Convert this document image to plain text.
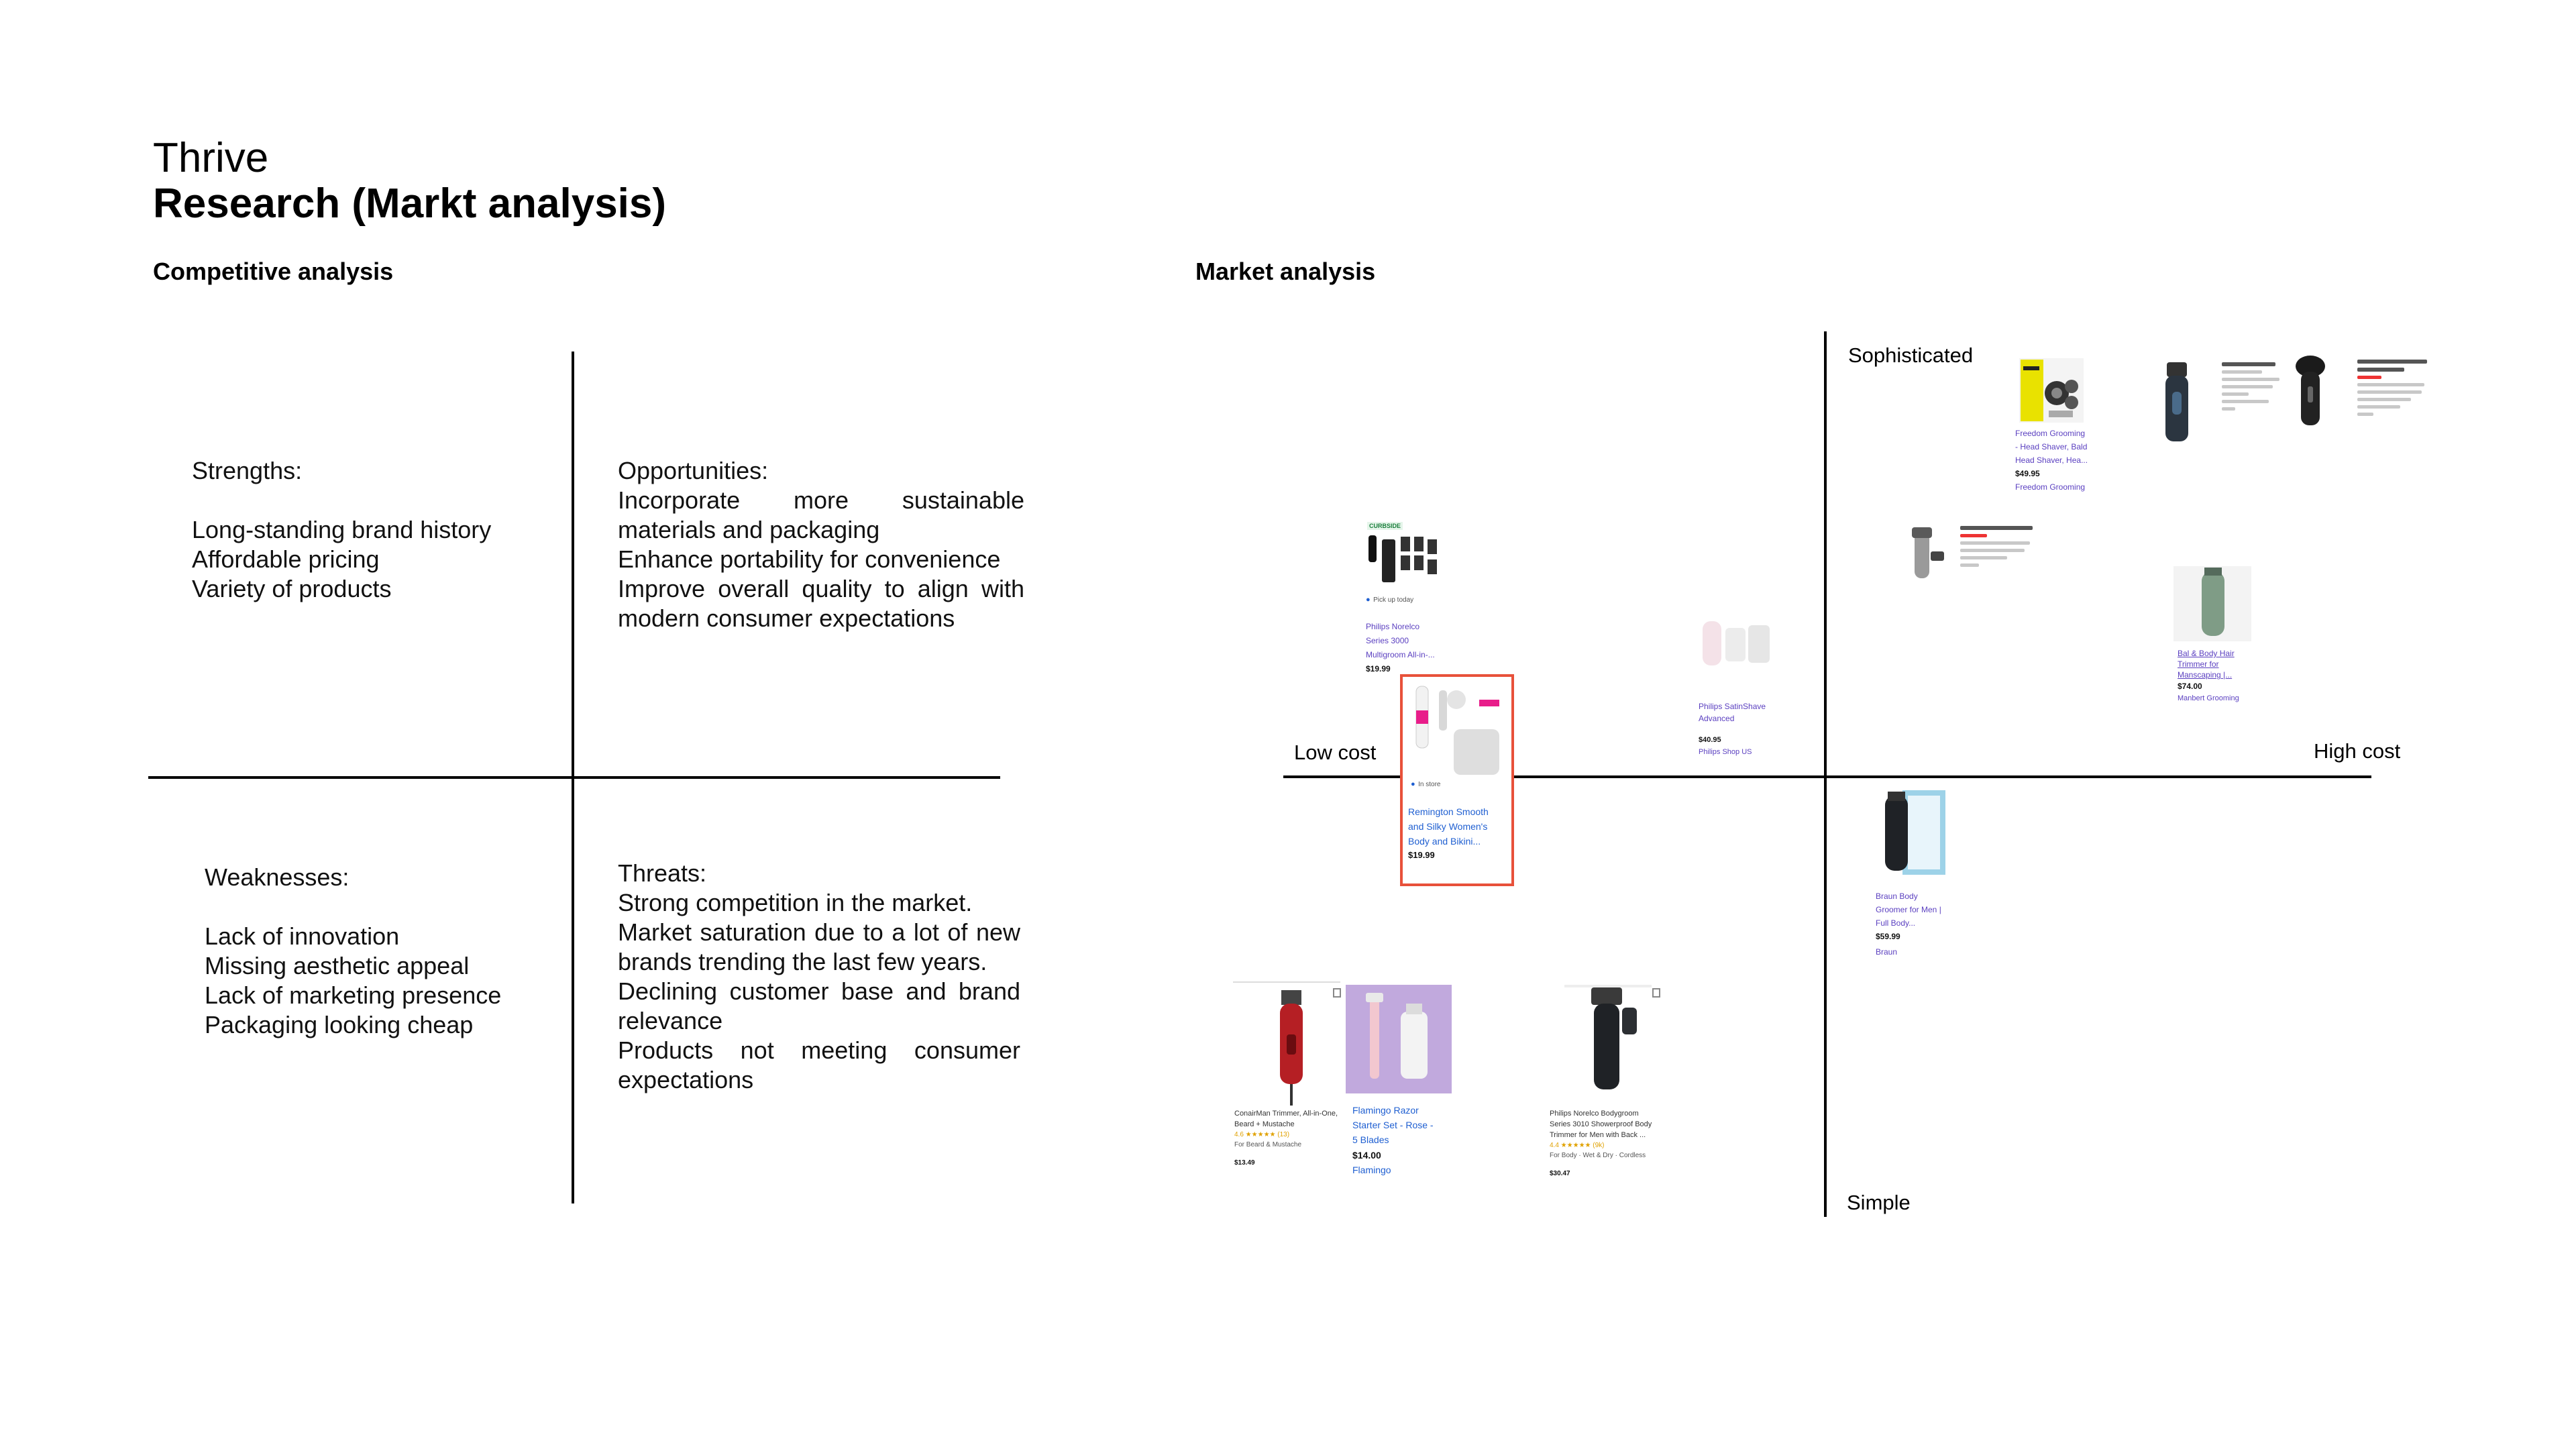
Thrive
Research (Markt analysis)
Competitive analysis	Market analysis
Strengths:
Long-standing brand history
Affordable pricing
Variety of products
Opportunities:
Incorporate more sustainable materials and packaging
Enhance portability for convenience
Improve overall quality to align with modern consumer expectations
Weaknesses:
Lack of innovation
Missing aesthetic appeal
Lack of marketing presence
Packaging looking cheap
Threats:
Strong competition in the market.
Market saturation due to a lot of new brands trending the last few years.
Declining customer base and brand relevance
Products not meeting consumer expectations
Sophisticated
Simple
Low cost	High cost
Freedom Grooming
- Head Shaver, Bald
Head Shaver, Hea...
$49.95
Freedom Grooming
CURBSIDE
● Pick up today
Philips Norelco
Series 3000
Multigroom All-in-...
$19.99
Philips SatinShave
Advanced
$40.95
Philips Shop US
● In store
Remington Smooth
and Silky Women's
Body and Bikini...
$19.99
Bal & Body Hair
Trimmer for
Manscaping |...
$74.00
Manbert Grooming
Braun Body
Groomer for Men |
Full Body...
$59.99
Braun
ConairMan Trimmer, All-in-One,
Beard + Mustache
4.6 ★★★★★ (13)
For Beard & Mustache
$13.49
Flamingo Razor
Starter Set - Rose -
5 Blades
$14.00
Flamingo
Philips Norelco Bodygroom
Series 3010 Showerproof Body
Trimmer for Men with Back ...
4.4 ★★★★★ (9k)
For Body · Wet & Dry · Cordless
$30.47
